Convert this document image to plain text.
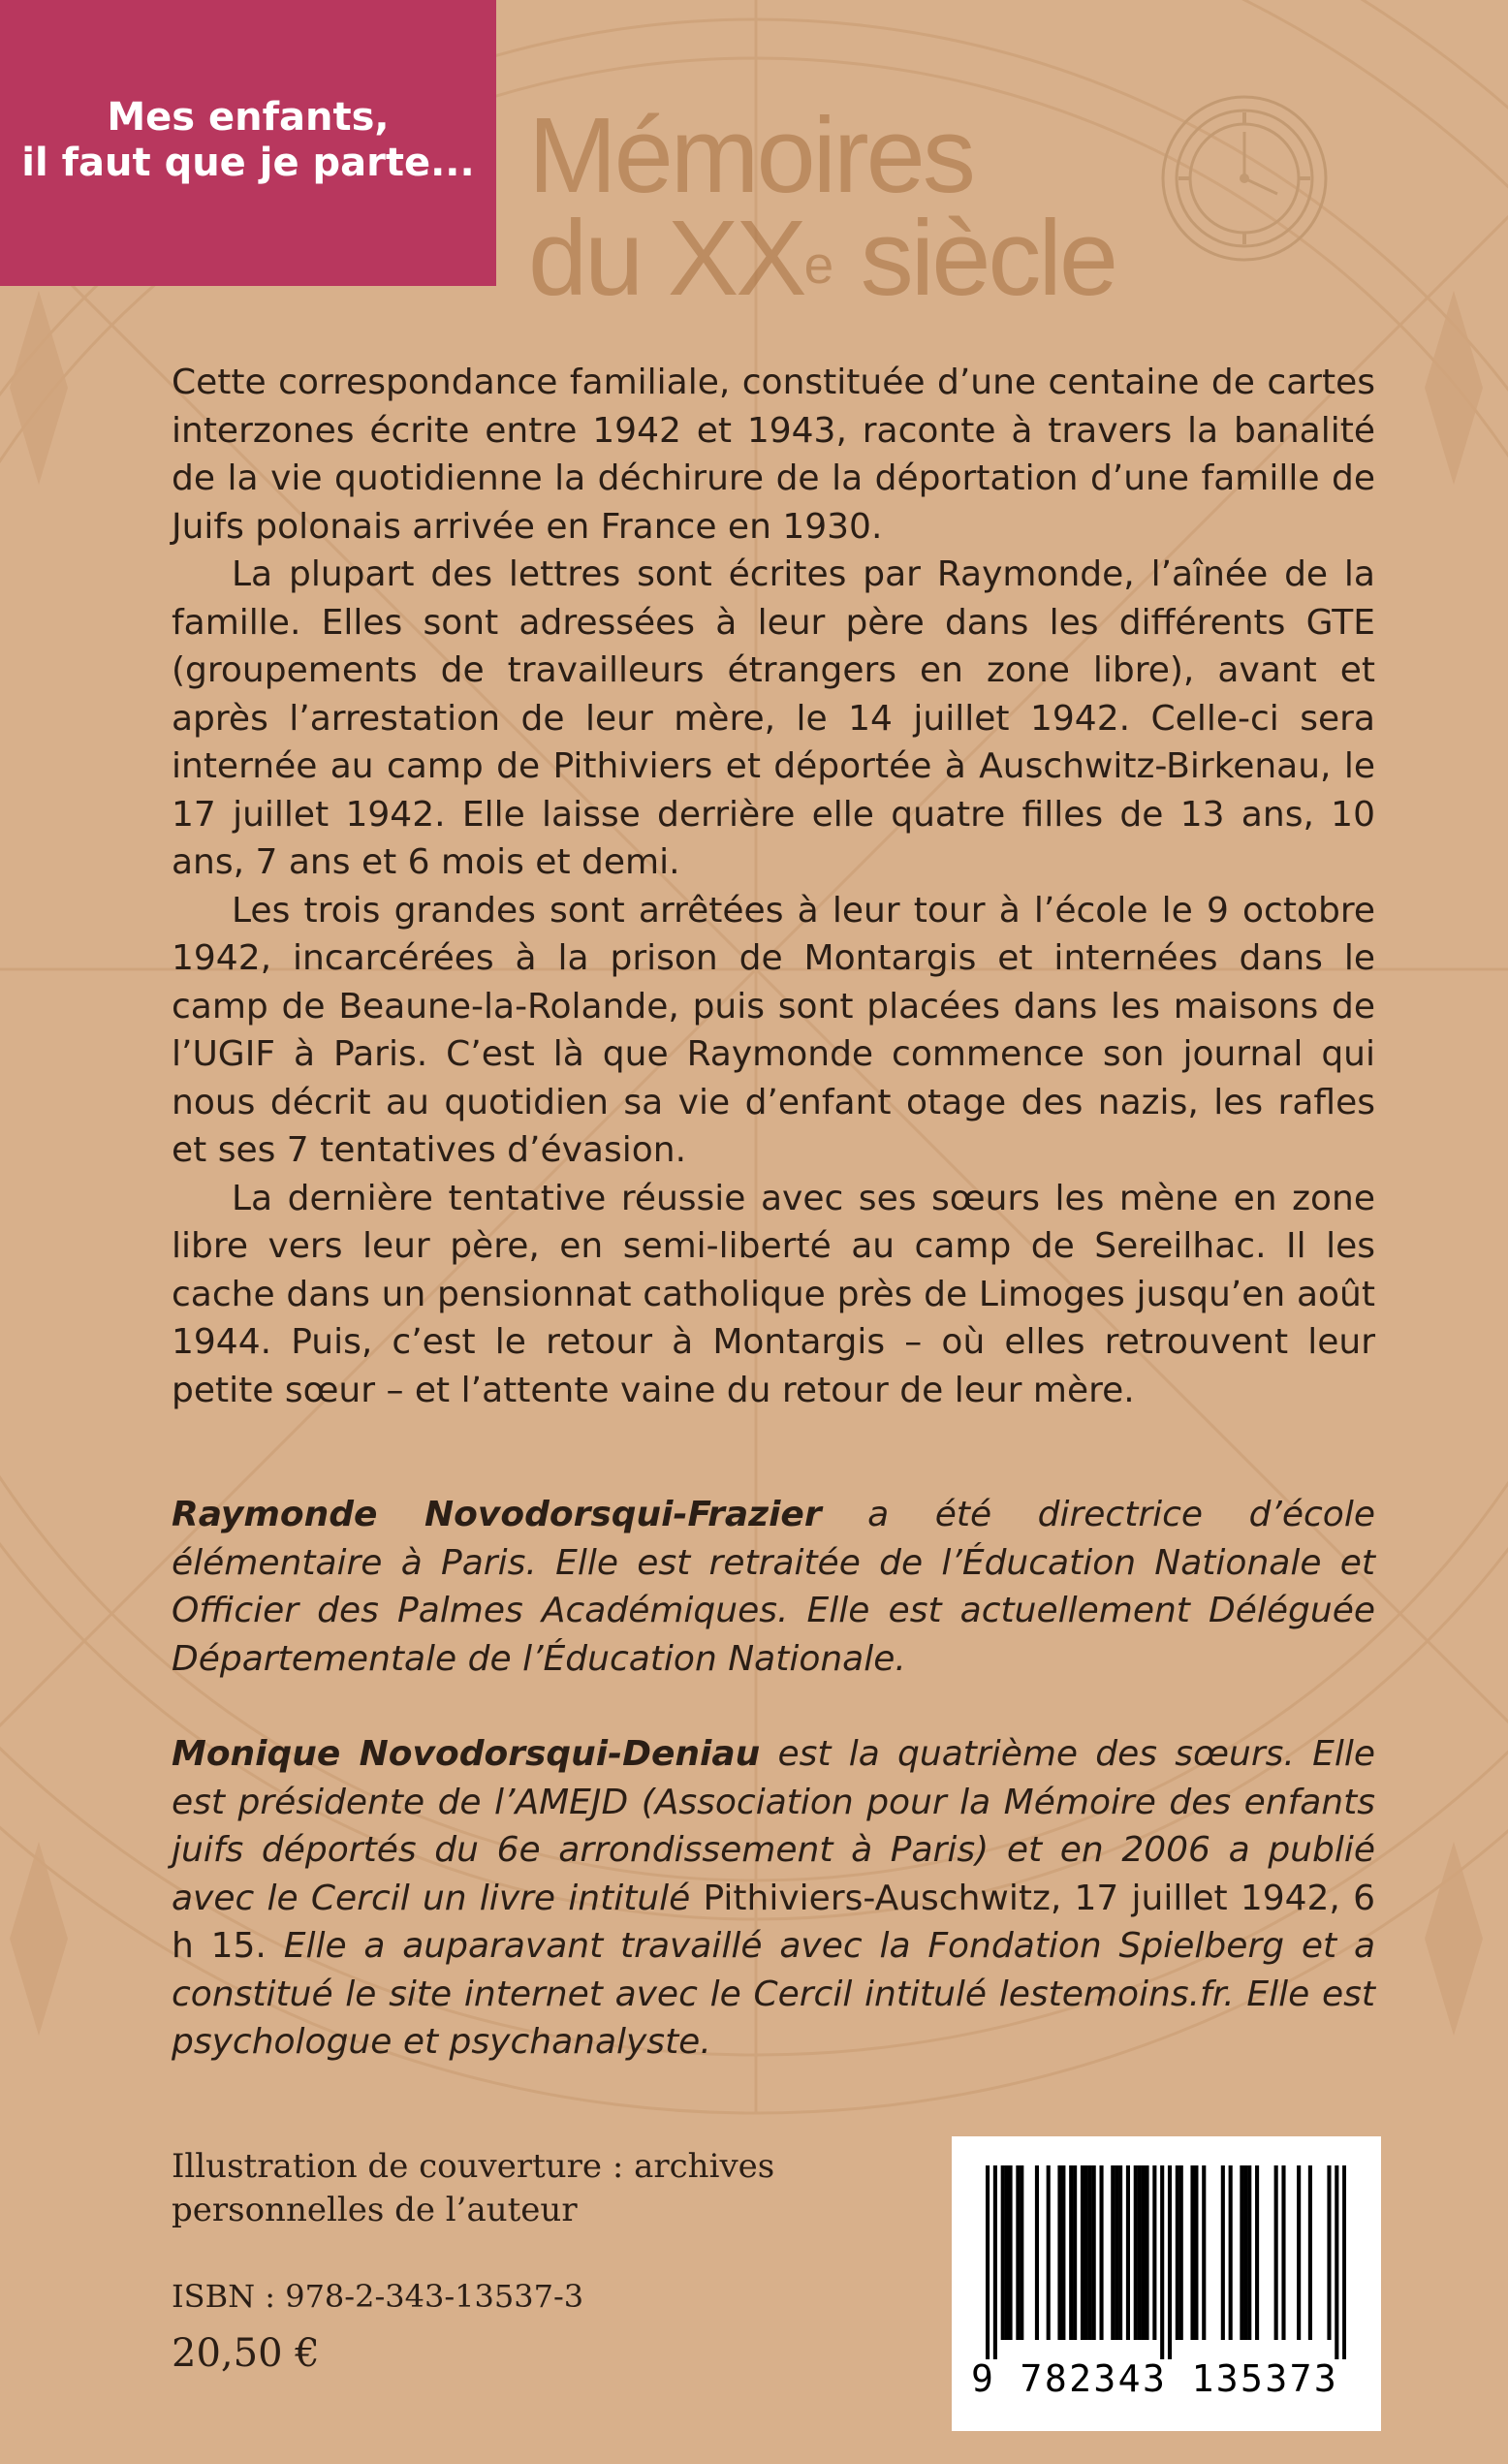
Mes enfants,
il faut que je parte... Mémoires
du XXe siècle

Cette correspondance familiale, constituée d’une centaine de cartes interzones écrite entre 1942 et 1943, raconte à travers la banalité de la vie quotidienne la déchirure de la déportation d’une famille de Juifs polonais arrivée en France en 1930.

La plupart des lettres sont écrites par Raymonde, l’aînée de la famille. Elles sont adressées à leur père dans les différents GTE (groupements de travailleurs étrangers en zone libre), avant et après l’arrestation de leur mère, le 14 juillet 1942. Celle-ci sera internée au camp de Pithiviers et déportée à Auschwitz-Birkenau, le 17 juillet 1942. Elle laisse derrière elle quatre filles de 13 ans, 10 ans, 7 ans et 6 mois et demi.

Les trois grandes sont arrêtées à leur tour à l’école le 9 octobre 1942, incarcérées à la prison de Montargis et internées dans le camp de Beaune-la-Rolande, puis sont placées dans les maisons de l’UGIF à Paris. C’est là que Raymonde commence son journal qui nous décrit au quotidien sa vie d’enfant otage des nazis, les rafles et ses 7 tentatives d’évasion.

La dernière tentative réussie avec ses sœurs les mène en zone libre vers leur père, en semi-liberté au camp de Sereilhac. Il les cache dans un pensionnat catholique près de Limoges jusqu’en août 1944. Puis, c’est le retour à Montargis – où elles retrouvent leur petite sœur – et l’attente vaine du retour de leur mère.

Raymonde Novodorsqui-Frazier a été directrice d’école élémentaire à Paris. Elle est retraitée de l’Éducation Nationale et Officier des Palmes Académiques. Elle est actuellement Déléguée Départementale de l’Éducation Nationale.

Monique Novodorsqui-Deniau est la quatrième des sœurs. Elle est présidente de l’AMEJD (Association pour la Mémoire des enfants juifs déportés du 6e arrondissement à Paris) et en 2006 a publié avec le Cercil un livre intitulé Pithiviers-Auschwitz, 17 juillet 1942, 6 h 15. Elle a auparavant travaillé avec la Fondation Spielberg et a constitué le site internet avec le Cercil intitulé lestemoins.fr. Elle est psychologue et psychanalyste.

Illustration de couverture : archives
personnelles de l’auteur
ISBN : 978-2-343-13537-3
20,50 €
9 782343 135373
